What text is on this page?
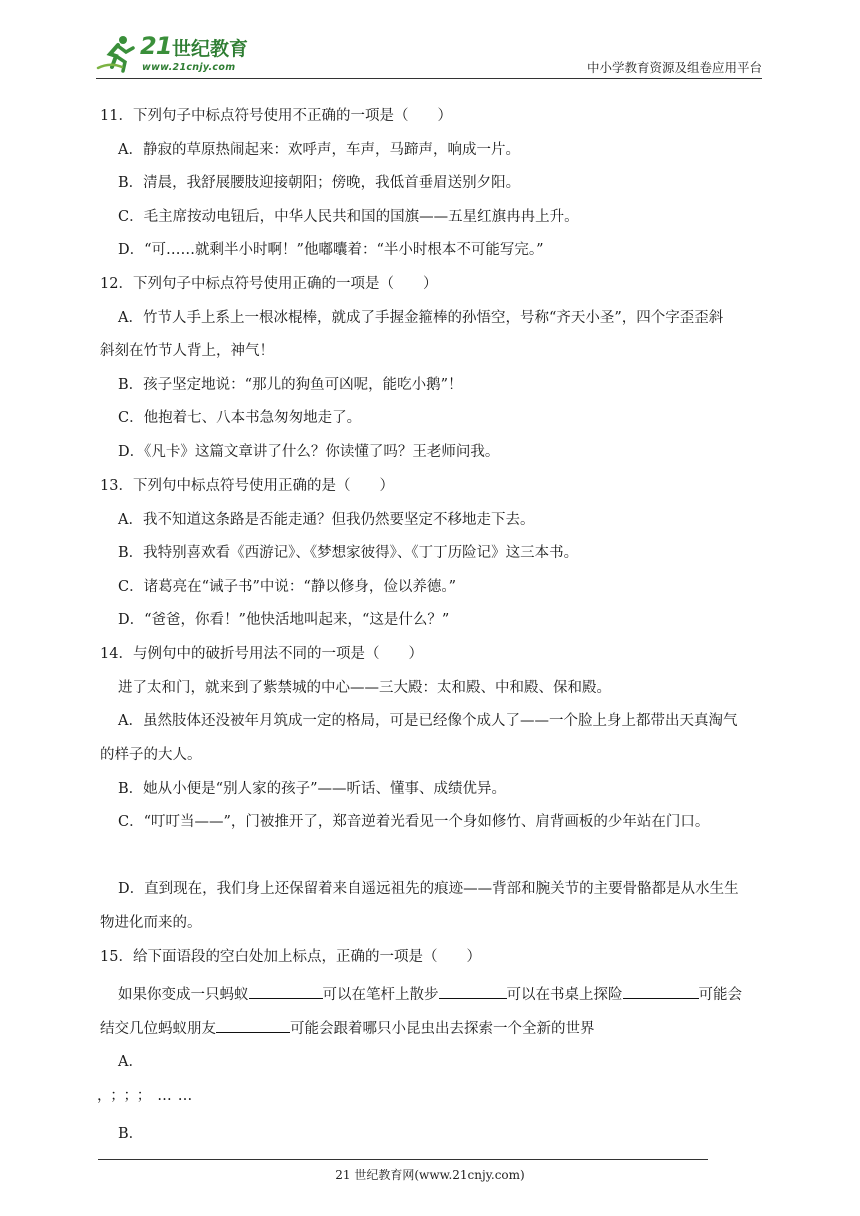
21 世纪教育
www.21cnjy.com	中小学教育资源及组卷应用平台
11．下列句子中标点符号使用不正确的一项是（　　）
A．静寂的草原热闹起来：欢呼声，车声，马蹄声，响成一片。
B．清晨，我舒展腰肢迎接朝阳；傍晚，我低首垂眉送别夕阳。
C．毛主席按动电钮后，中华人民共和国的国旗——五星红旗冉冉上升。
D．“可……就剩半小时啊！”他嘟囔着：“半小时根本不可能写完。”
12．下列句子中标点符号使用正确的一项是（　　）
A．竹节人手上系上一根冰棍棒，就成了手握金箍棒的孙悟空，号称“齐天小圣”，四个字歪歪斜
斜刻在竹节人背上，神气！
B．孩子坚定地说：“那儿的狗鱼可凶呢，能吃小鹅”！
C．他抱着七、八本书急匆匆地走了。
D．《凡卡》这篇文章讲了什么？你读懂了吗？王老师问我。
13．下列句中标点符号使用正确的是（　　）
A．我不知道这条路是否能走通？但我仍然要坚定不移地走下去。
B．我特别喜欢看《西游记》、《梦想家彼得》、《丁丁历险记》这三本书。
C．诸葛亮在“诫子书”中说：“静以修身，俭以养德。”
D．“爸爸，你看！”他快活地叫起来，“这是什么？”
14．与例句中的破折号用法不同的一项是（　　）
进了太和门，就来到了紫禁城的中心——三大殿：太和殿、中和殿、保和殿。
A．虽然肢体还没被年月筑成一定的格局，可是已经像个成人了——一个脸上身上都带出天真淘气
的样子的大人。
B．她从小便是“别人家的孩子”——听话、懂事、成绩优异。
C．“叮叮当——”，门被推开了，郑音逆着光看见一个身如修竹、肩背画板的少年站在门口。
D．直到现在，我们身上还保留着来自遥远祖先的痕迹——背部和腕关节的主要骨骼都是从水生生
物进化而来的。
15．给下面语段的空白处加上标点，正确的一项是（　　）
如果你变成一只蚂蚁	可以在笔杆上散步	可以在书桌上探险	可能会
结交几位蚂蚁朋友	可能会跟着哪只小昆虫出去探索一个全新的世界
A．
，；；；……
B．
21 世纪教育网(www.21cnjy.com)
